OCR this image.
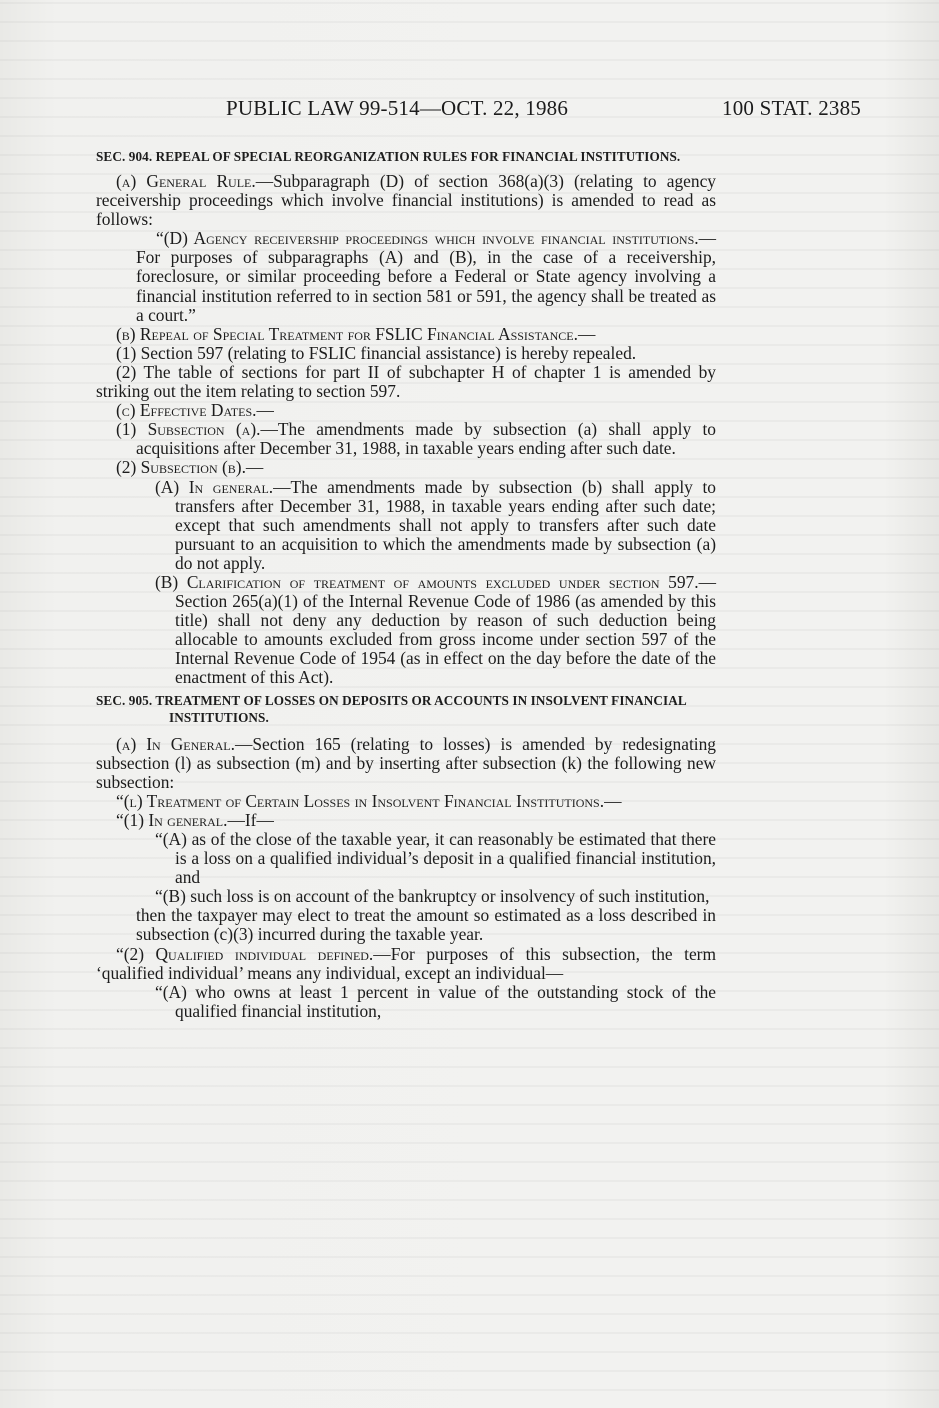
PUBLIC LAW 99-514—OCT. 22, 1986	100 STAT. 2385

SEC. 904. REPEAL OF SPECIAL REORGANIZATION RULES FOR FINANCIAL INSTITUTIONS.

(a) General Rule.—Subparagraph (D) of section 368(a)(3) (relating to agency receivership proceedings which involve financial institutions) is amended to read as follows:

“(D) Agency receivership proceedings which involve financial institutions.—For purposes of subparagraphs (A) and (B), in the case of a receivership, foreclosure, or similar proceeding before a Federal or State agency involving a financial institution referred to in section 581 or 591, the agency shall be treated as a court.”

(b) Repeal of Special Treatment for FSLIC Financial Assistance.—

(1) Section 597 (relating to FSLIC financial assistance) is hereby repealed.

(2) The table of sections for part II of subchapter H of chapter 1 is amended by striking out the item relating to section 597.

(c) Effective Dates.—

(1) Subsection (a).—The amendments made by subsection (a) shall apply to acquisitions after December 31, 1988, in taxable years ending after such date.

(2) Subsection (b).—

(A) In general.—The amendments made by subsection (b) shall apply to transfers after December 31, 1988, in taxable years ending after such date; except that such amendments shall not apply to transfers after such date pursuant to an acquisition to which the amendments made by subsection (a) do not apply.

(B) Clarification of treatment of amounts excluded under section 597.—Section 265(a)(1) of the Internal Revenue Code of 1986 (as amended by this title) shall not deny any deduction by reason of such deduction being allocable to amounts excluded from gross income under section 597 of the Internal Revenue Code of 1954 (as in effect on the day before the date of the enactment of this Act).

SEC. 905. TREATMENT OF LOSSES ON DEPOSITS OR ACCOUNTS IN INSOLVENT FINANCIAL INSTITUTIONS.

(a) In General.—Section 165 (relating to losses) is amended by redesignating subsection (l) as subsection (m) and by inserting after subsection (k) the following new subsection:

“(l) Treatment of Certain Losses in Insolvent Financial Institutions.—

“(1) In general.—If—

“(A) as of the close of the taxable year, it can reasonably be estimated that there is a loss on a qualified individual’s deposit in a qualified financial institution, and

“(B) such loss is on account of the bankruptcy or insolvency of such institution,

then the taxpayer may elect to treat the amount so estimated as a loss described in subsection (c)(3) incurred during the taxable year.

“(2) Qualified individual defined.—For purposes of this subsection, the term ‘qualified individual’ means any individual, except an individual—

“(A) who owns at least 1 percent in value of the outstanding stock of the qualified financial institution,
